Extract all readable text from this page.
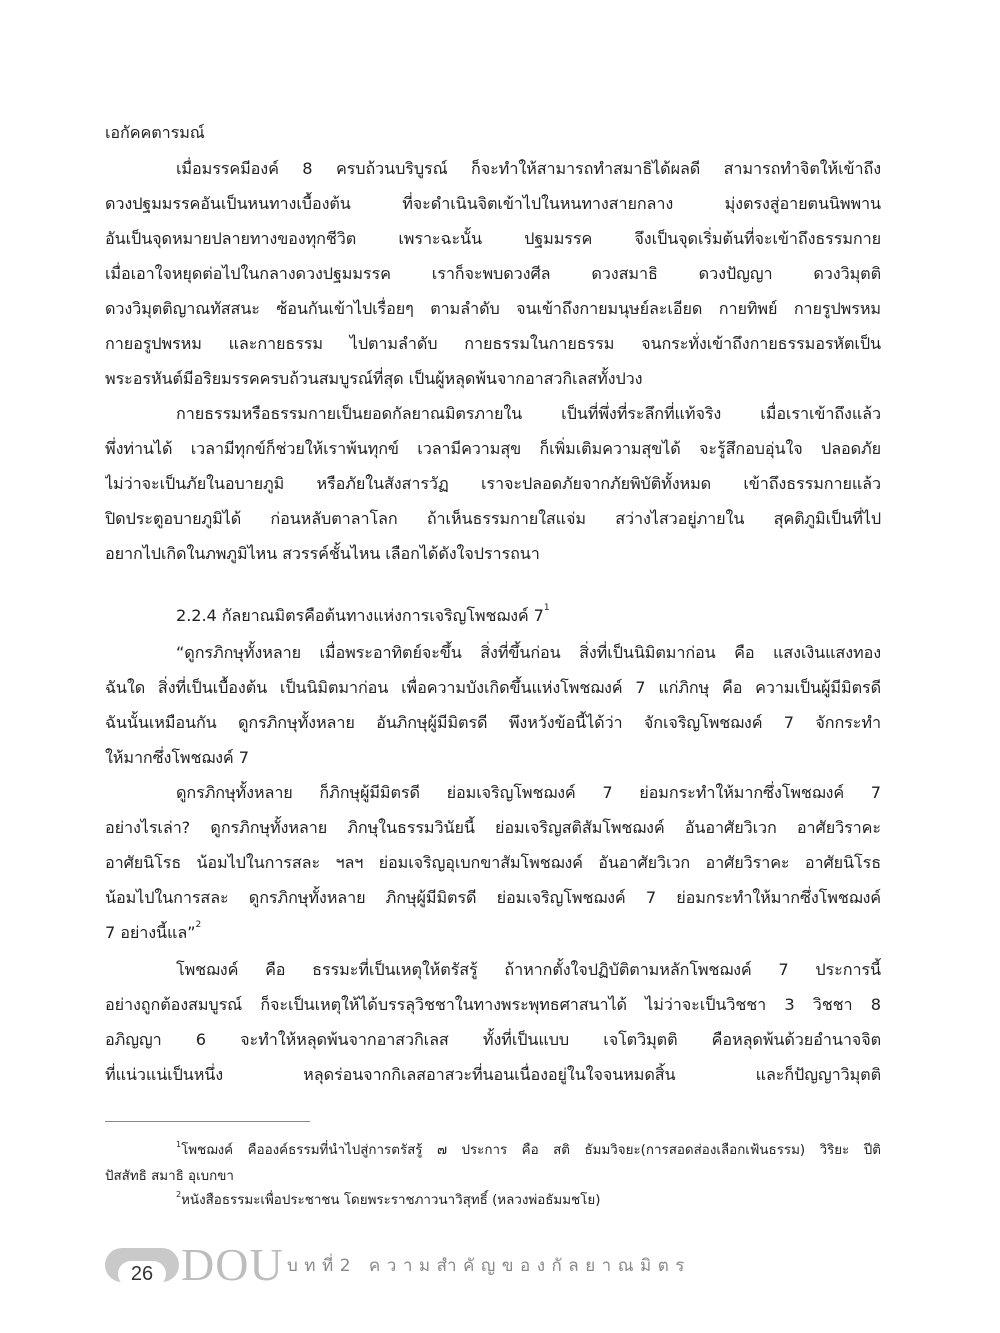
เอกัคคตารมณ์
เมื่อมรรคมีองค์ 8 ครบถ้วนบริบูรณ์ ก็จะทำให้สามารถทำสมาธิได้ผลดี สามารถทำจิตให้เข้าถึง
ดวงปฐมมรรคอันเป็นหนทางเบื้องต้น ที่จะดำเนินจิตเข้าไปในหนทางสายกลาง มุ่งตรงสู่อายตนนิพพาน
อันเป็นจุดหมายปลายทางของทุกชีวิต เพราะฉะนั้น ปฐมมรรค จึงเป็นจุดเริ่มต้นที่จะเข้าถึงธรรมกาย
เมื่อเอาใจหยุดต่อไปในกลางดวงปฐมมรรค เราก็จะพบดวงศีล ดวงสมาธิ ดวงปัญญา ดวงวิมุตติ
ดวงวิมุตติญาณทัสสนะ ซ้อนกันเข้าไปเรื่อยๆ ตามลำดับ จนเข้าถึงกายมนุษย์ละเอียด กายทิพย์ กายรูปพรหม
กายอรูปพรหม และกายธรรม ไปตามลำดับ กายธรรมในกายธรรม จนกระทั่งเข้าถึงกายธรรมอรหัตเป็น
พระอรหันต์มีอริยมรรคครบถ้วนสมบูรณ์ที่สุด เป็นผู้หลุดพ้นจากอาสวกิเลสทั้งปวง
กายธรรมหรือธรรมกายเป็นยอดกัลยาณมิตรภายใน เป็นที่พึ่งที่ระลึกที่แท้จริง เมื่อเราเข้าถึงแล้ว
พึ่งท่านได้ เวลามีทุกข์ก็ช่วยให้เราพ้นทุกข์ เวลามีความสุข ก็เพิ่มเติมความสุขได้ จะรู้สึกอบอุ่นใจ ปลอดภัย
ไม่ว่าจะเป็นภัยในอบายภูมิ หรือภัยในสังสารวัฏ เราจะปลอดภัยจากภัยพิบัติทั้งหมด เข้าถึงธรรมกายแล้ว
ปิดประตูอบายภูมิได้ ก่อนหลับตาลาโลก ถ้าเห็นธรรมกายใสแจ่ม สว่างไสวอยู่ภายใน สุคติภูมิเป็นที่ไป
อยากไปเกิดในภพภูมิไหน สวรรค์ชั้นไหน เลือกได้ดังใจปรารถนา
2.2.4 กัลยาณมิตรคือต้นทางแห่งการเจริญโพชฌงค์ $7^1$
“ดูกรภิกษุทั้งหลาย เมื่อพระอาทิตย์จะขึ้น สิ่งที่ขึ้นก่อน สิ่งที่เป็นนิมิตมาก่อน คือ แสงเงินแสงทอง
ฉันใด สิ่งที่เป็นเบื้องต้น เป็นนิมิตมาก่อน เพื่อความบังเกิดขึ้นแห่งโพชฌงค์ 7 แก่ภิกษุ คือ ความเป็นผู้มีมิตรดี
ฉันนั้นเหมือนกัน ดูกรภิกษุทั้งหลาย อันภิกษุผู้มีมิตรดี พึงหวังข้อนี้ได้ว่า จักเจริญโพชฌงค์ 7 จักกระทำ
ให้มากซึ่งโพชฌงค์ 7
ดูกรภิกษุทั้งหลาย ก็ภิกษุผู้มีมิตรดี ย่อมเจริญโพชฌงค์ 7 ย่อมกระทำให้มากซึ่งโพชฌงค์ 7
อย่างไรเล่า? ดูกรภิกษุทั้งหลาย ภิกษุในธรรมวินัยนี้ ย่อมเจริญสติสัมโพชฌงค์ อันอาศัยวิเวก อาศัยวิราคะ
อาศัยนิโรธ น้อมไปในการสละ ฯลฯ ย่อมเจริญอุเบกขาสัมโพชฌงค์ อันอาศัยวิเวก อาศัยวิราคะ อาศัยนิโรธ
น้อมไปในการสละ ดูกรภิกษุทั้งหลาย ภิกษุผู้มีมิตรดี ย่อมเจริญโพชฌงค์ 7 ย่อมกระทำให้มากซึ่งโพชฌงค์
7 อย่างนี้แล”$^2$
โพชฌงค์ คือ ธรรมะที่เป็นเหตุให้ตรัสรู้ ถ้าหากตั้งใจปฏิบัติตามหลักโพชฌงค์ 7 ประการนี้
อย่างถูกต้องสมบูรณ์ ก็จะเป็นเหตุให้ได้บรรลุวิชชาในทางพระพุทธศาสนาได้ ไม่ว่าจะเป็นวิชชา 3 วิชชา 8
อภิญญา 6 จะทำให้หลุดพ้นจากอาสวกิเลส ทั้งที่เป็นแบบ เจโตวิมุตติ คือหลุดพ้นด้วยอำนาจจิต
ที่แน่วแน่เป็นหนึ่ง หลุดร่อนจากกิเลสอาสวะที่นอนเนื่องอยู่ในใจจนหมดสิ้น และก็ปัญญาวิมุตติ
$^1$โพชฌงค์ คือองค์ธรรมที่นำไปสู่การตรัสรู้ ๗ ประการ คือ สติ ธัมมวิจยะ(การสอดส่องเลือกเฟ้นธรรม) วิริยะ ปีติ
ปัสสัทธิ สมาธิ อุเบกขา
$^2$หนังสือธรรมะเพื่อประชาชน โดยพระราชภาวนาวิสุทธิ์ (หลวงพ่อธัมมชโย)
26 DOU บทที่2 ความสำคัญของกัลยาณมิตร
